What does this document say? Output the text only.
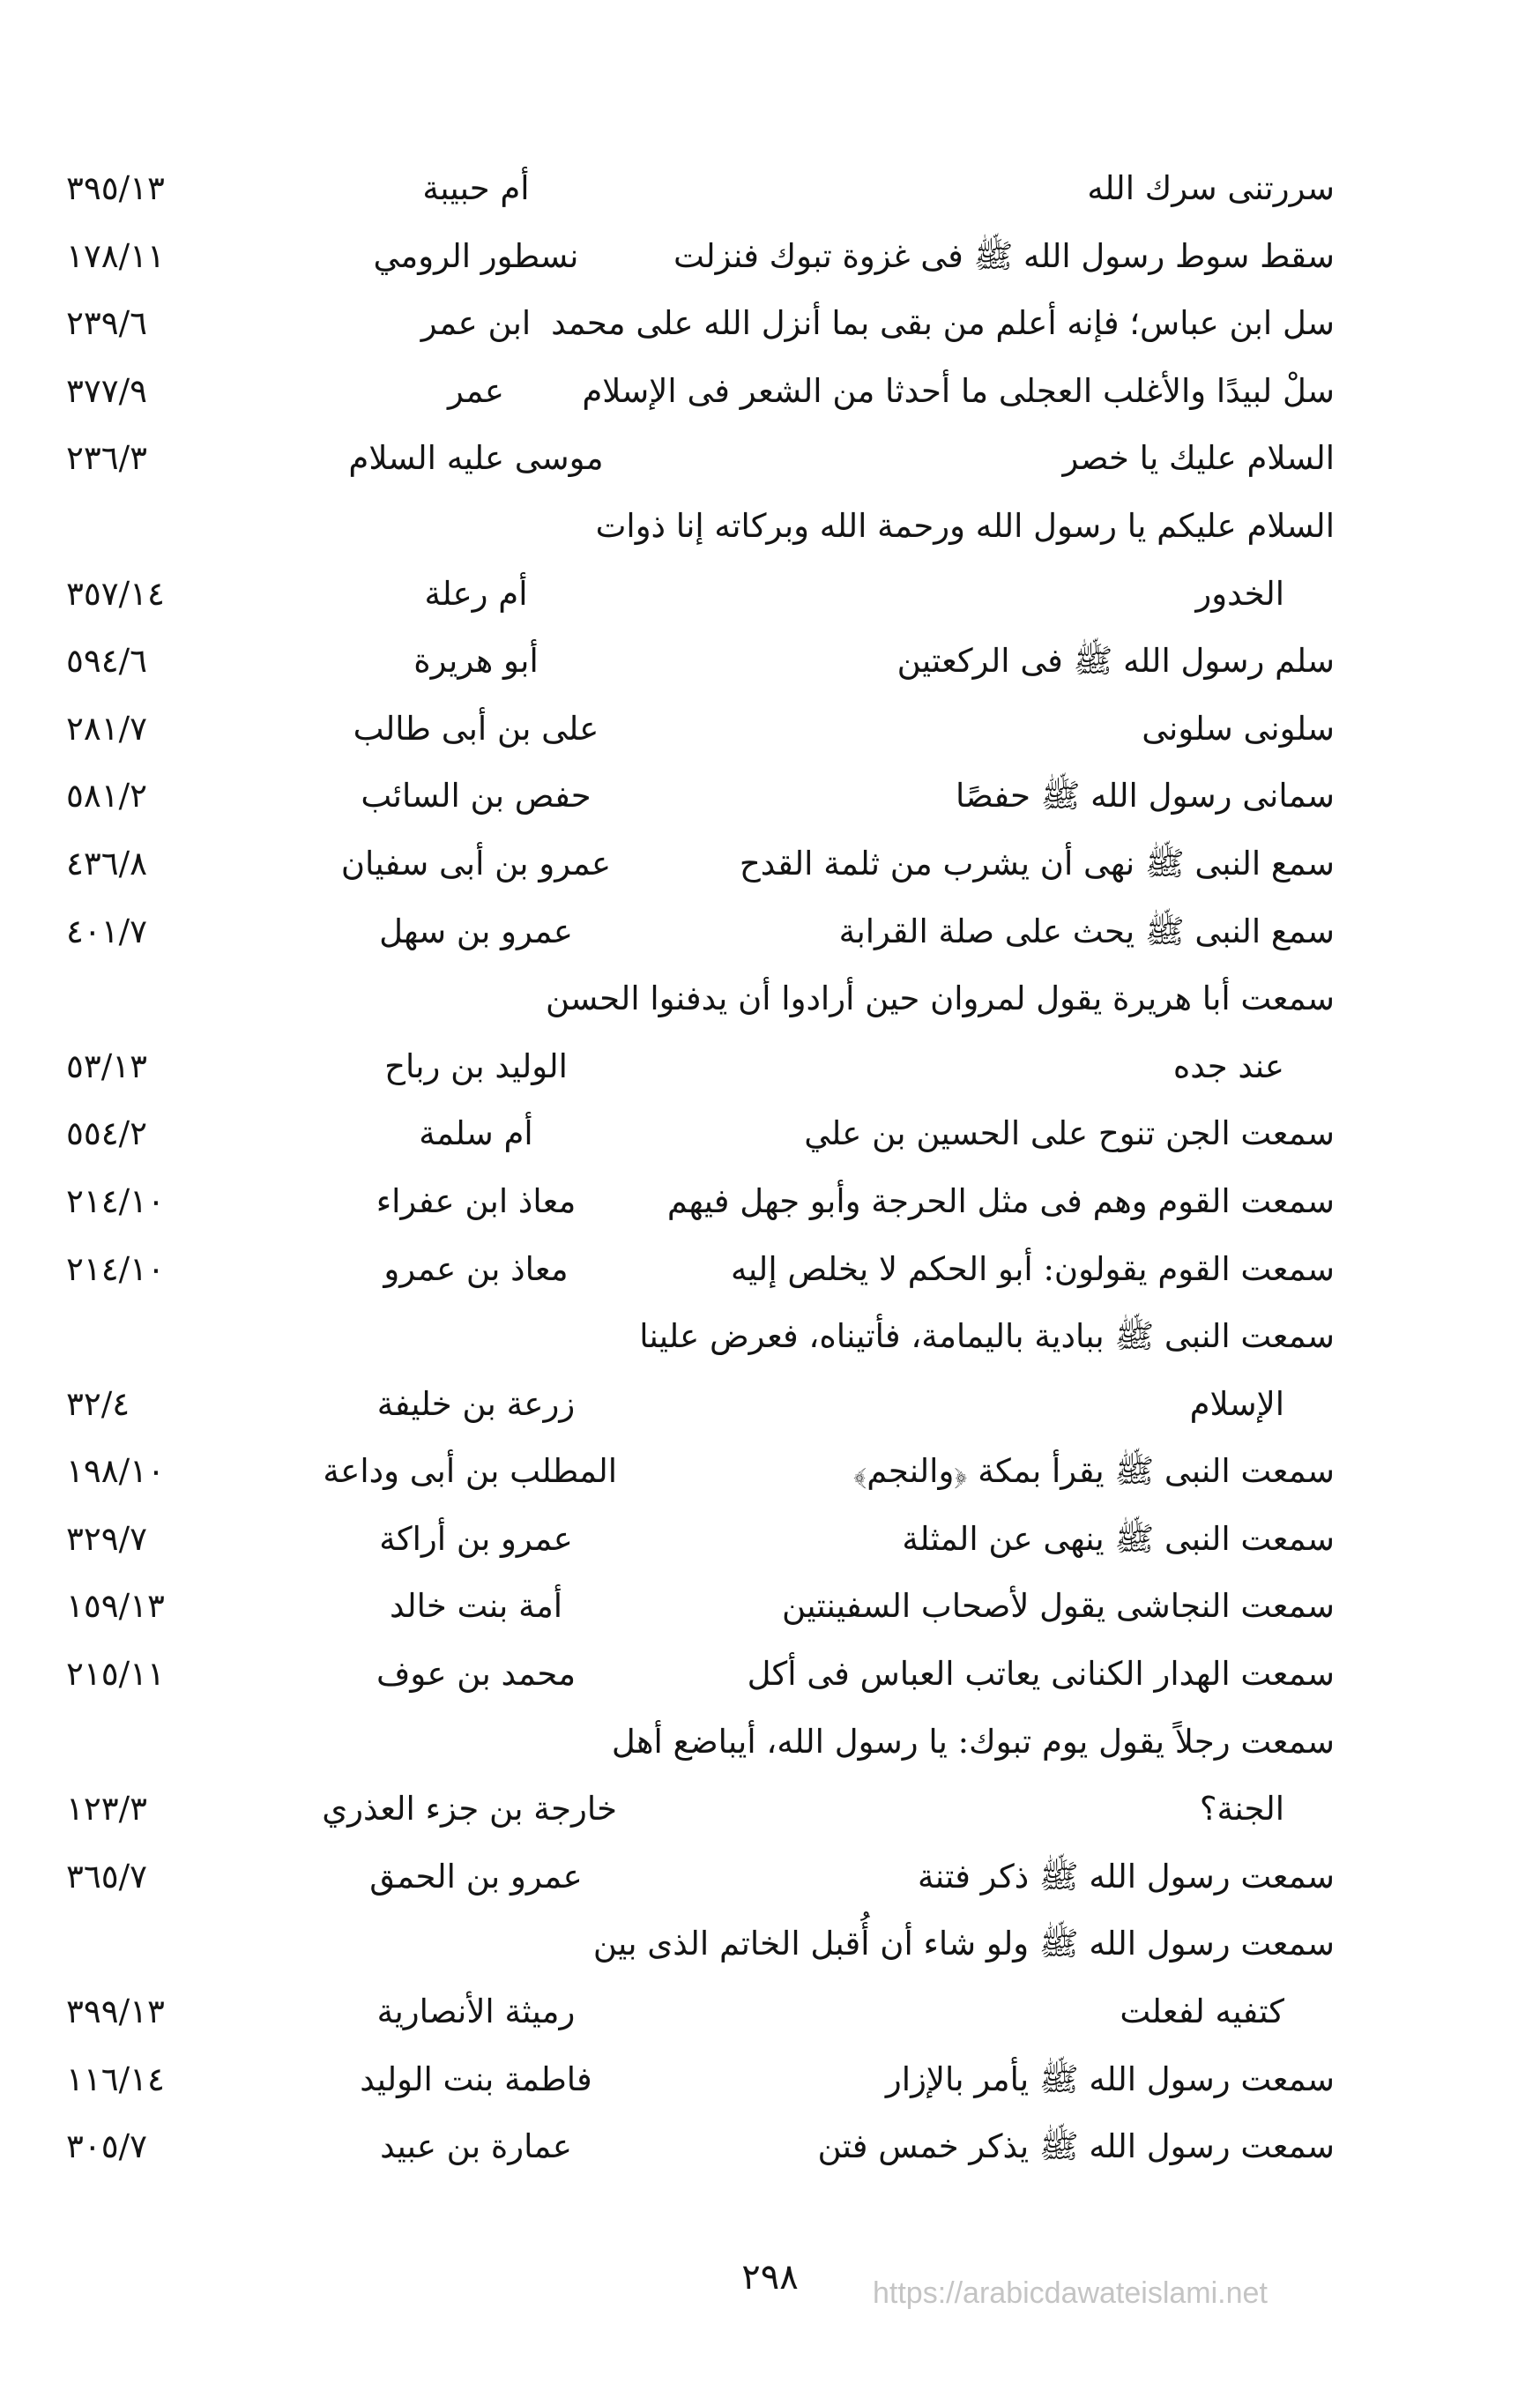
سررتنى سرك الله
أم حبيبة
٣٩٥/١٣
سقط سوط رسول الله ﷺ فى غزوة تبوك فنزلت
نسطور الرومي
١٧٨/١١
سل ابن عباس؛ فإنه أعلم من بقى بما أنزل الله على محمد
ابن عمر
٢٣٩/٦
سلْ لبيدًا والأغلب العجلى ما أحدثا من الشعر فى الإسلام
عمر
٣٧٧/٩
السلام عليك يا خصر
موسى عليه السلام
٢٣٦/٣
السلام عليكم يا رسول الله ورحمة الله وبركاته إنا ذوات
الخدور
أم رعلة
٣٥٧/١٤
سلم رسول الله ﷺ فى الركعتين
أبو هريرة
٥٩٤/٦
سلونى سلونى
على بن أبى طالب
٢٨١/٧
سمانى رسول الله ﷺ حفصًا
حفص بن السائب
٥٨١/٢
سمع النبى ﷺ نهى أن يشرب من ثلمة القدح
عمرو بن أبى سفيان
٤٣٦/٨
سمع النبى ﷺ يحث على صلة القرابة
عمرو بن سهل
٤٠١/٧
سمعت أبا هريرة يقول لمروان حين أرادوا أن يدفنوا الحسن
عند جده
الوليد بن رباح
٥٣/١٣
سمعت الجن تنوح على الحسين بن علي
أم سلمة
٥٥٤/٢
سمعت القوم وهم فى مثل الحرجة وأبو جهل فيهم
معاذ ابن عفراء
٢١٤/١٠
سمعت القوم يقولون: أبو الحكم لا يخلص إليه
معاذ بن عمرو
٢١٤/١٠
سمعت النبى ﷺ ببادية باليمامة، فأتيناه، فعرض علينا
الإسلام
زرعة بن خليفة
٣٢/٤
سمعت النبى ﷺ يقرأ بمكة ﴿والنجم﴾
المطلب بن أبى وداعة
١٩٨/١٠
سمعت النبى ﷺ ينهى عن المثلة
عمرو بن أراكة
٣٢٩/٧
سمعت النجاشى يقول لأصحاب السفينتين
أمة بنت خالد
١٥٩/١٣
سمعت الهدار الكنانى يعاتب العباس فى أكل
محمد بن عوف
٢١٥/١١
سمعت رجلاً يقول يوم تبوك: يا رسول الله، أيباضع أهل
الجنة؟
خارجة بن جزء العذري
١٢٣/٣
سمعت رسول الله ﷺ ذكر فتنة
عمرو بن الحمق
٣٦٥/٧
سمعت رسول الله ﷺ ولو شاء أن أُقبل الخاتم الذى بين
كتفيه لفعلت
رميثة الأنصارية
٣٩٩/١٣
سمعت رسول الله ﷺ يأمر بالإزار
فاطمة بنت الوليد
١١٦/١٤
سمعت رسول الله ﷺ يذكر خمس فتن
عمارة بن عبيد
٣٠٥/٧
٢٩٨	https://arabicdawateislami.net
